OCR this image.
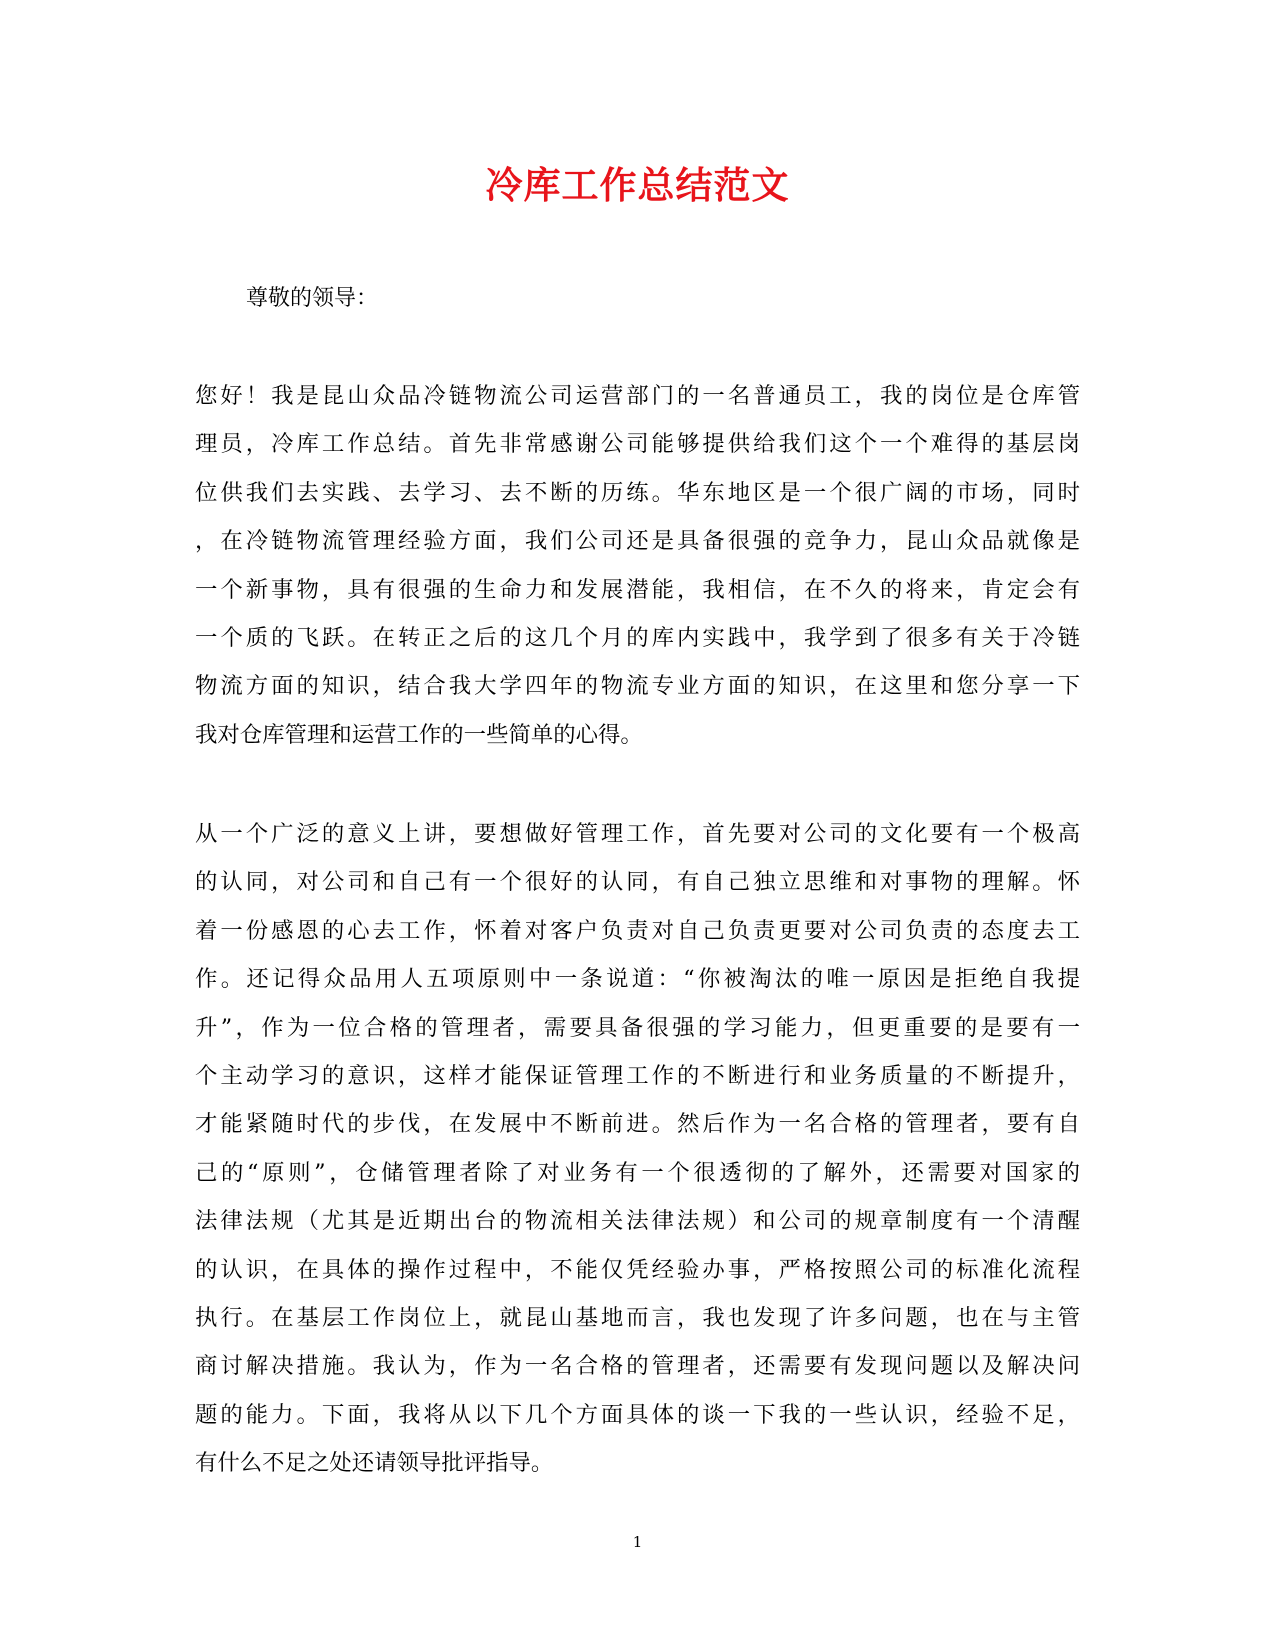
冷库工作总结范文
尊敬的领导：

您好！我是昆山众品冷链物流公司运营部门的一名普通员工，我的岗位是仓库管
理员，冷库工作总结。首先非常感谢公司能够提供给我们这个一个难得的基层岗
位供我们去实践、去学习、去不断的历练。华东地区是一个很广阔的市场，同时
，在冷链物流管理经验方面，我们公司还是具备很强的竞争力，昆山众品就像是
一个新事物，具有很强的生命力和发展潜能，我相信，在不久的将来，肯定会有
一个质的飞跃。在转正之后的这几个月的库内实践中，我学到了很多有关于冷链
物流方面的知识，结合我大学四年的物流专业方面的知识，在这里和您分享一下
我对仓库管理和运营工作的一些简单的心得。

从一个广泛的意义上讲，要想做好管理工作，首先要对公司的文化要有一个极高
的认同，对公司和自己有一个很好的认同，有自己独立思维和对事物的理解。怀
着一份感恩的心去工作，怀着对客户负责对自己负责更要对公司负责的态度去工
作。还记得众品用人五项原则中一条说道：“你被淘汰的唯一原因是拒绝自我提
升”，作为一位合格的管理者，需要具备很强的学习能力，但更重要的是要有一
个主动学习的意识，这样才能保证管理工作的不断进行和业务质量的不断提升，
才能紧随时代的步伐，在发展中不断前进。然后作为一名合格的管理者，要有自
己的“原则”，仓储管理者除了对业务有一个很透彻的了解外，还需要对国家的
法律法规（尤其是近期出台的物流相关法律法规）和公司的规章制度有一个清醒
的认识，在具体的操作过程中，不能仅凭经验办事，严格按照公司的标准化流程
执行。在基层工作岗位上，就昆山基地而言，我也发现了许多问题，也在与主管
商讨解决措施。我认为，作为一名合格的管理者，还需要有发现问题以及解决问
题的能力。下面，我将从以下几个方面具体的谈一下我的一些认识，经验不足，
有什么不足之处还请领导批评指导。

1
